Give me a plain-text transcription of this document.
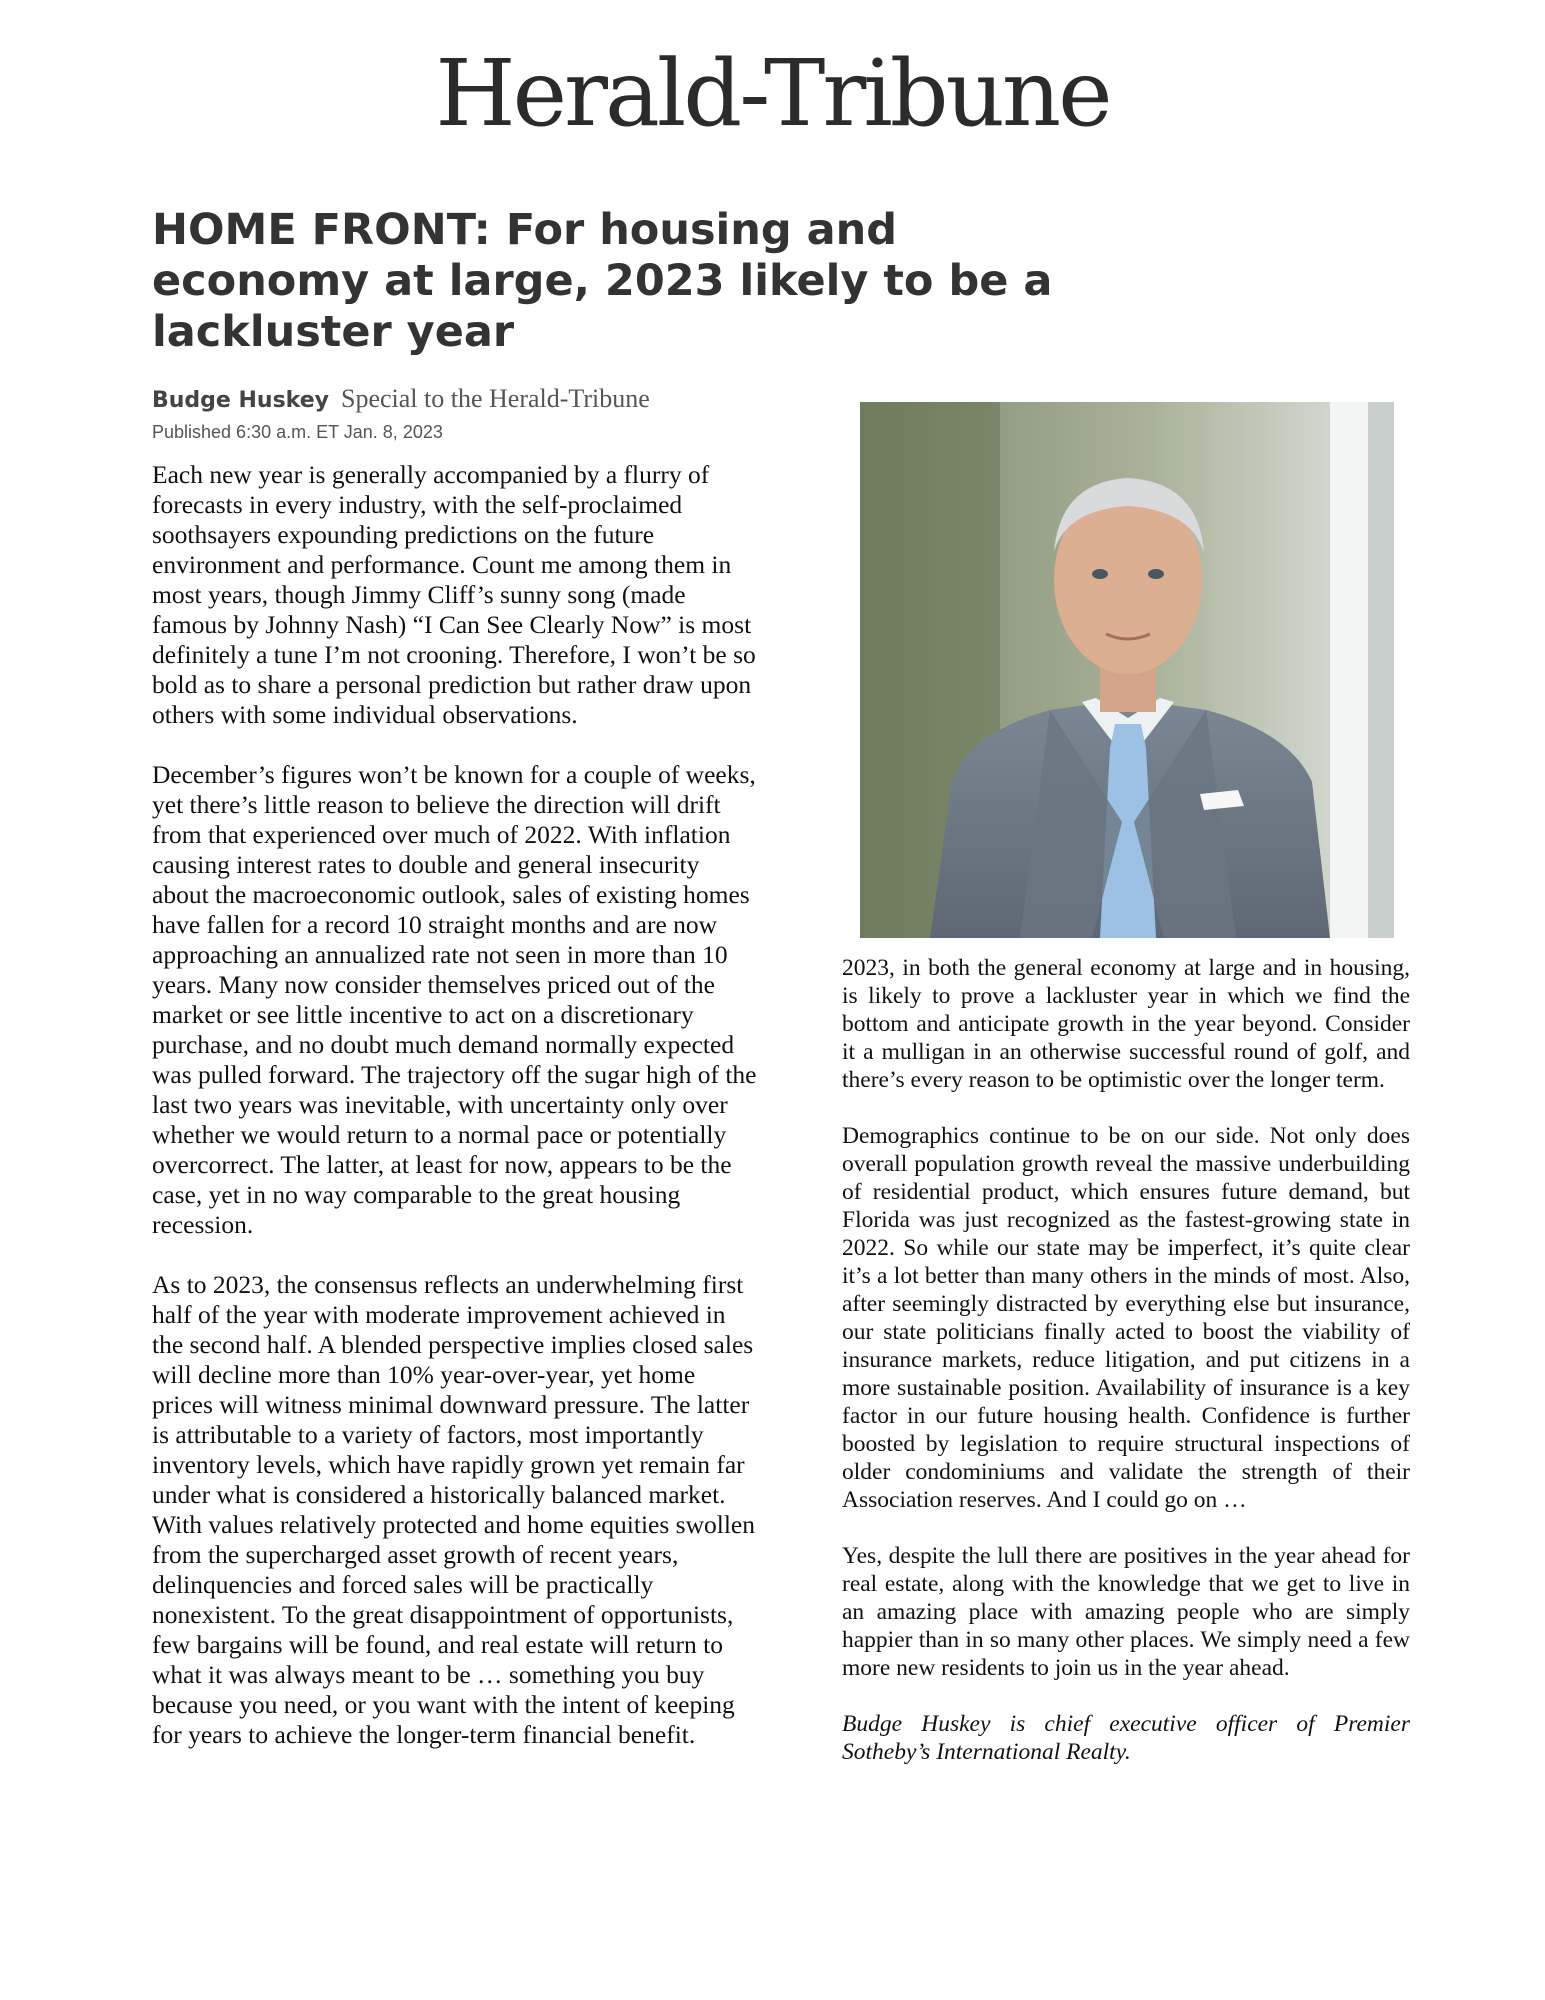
Herald-Tribune
HOME FRONT: For housing and economy at large, 2023 likely to be a lackluster year
Budge Huskey Special to the Herald-Tribune
Published 6:30 a.m. ET Jan. 8, 2023

Each new year is generally accompanied by a flurry of forecasts in every industry, with the self-proclaimed soothsayers expounding predictions on the future environment and performance. Count me among them in most years, though Jimmy Cliff’s sunny song (made famous by Johnny Nash) “I Can See Clearly Now” is most definitely a tune I’m not crooning. Therefore, I won’t be so bold as to share a personal prediction but rather draw upon others with some individual observations.

December’s figures won’t be known for a couple of weeks, yet there’s little reason to believe the direction will drift from that experienced over much of 2022. With inflation causing interest rates to double and general insecurity about the macroeconomic outlook, sales of existing homes have fallen for a record 10 straight months and are now approaching an annualized rate not seen in more than 10 years. Many now consider themselves priced out of the market or see little incentive to act on a discretionary purchase, and no doubt much demand normally expected was pulled forward. The trajectory off the sugar high of the last two years was inevitable, with uncertainty only over whether we would return to a normal pace or potentially overcorrect. The latter, at least for now, appears to be the case, yet in no way comparable to the great housing recession.

As to 2023, the consensus reflects an underwhelming first half of the year with moderate improvement achieved in the second half. A blended perspective implies closed sales will decline more than 10% year-over-year, yet home prices will witness minimal downward pressure. The latter is attributable to a variety of factors, most importantly inventory levels, which have rapidly grown yet remain far under what is considered a historically balanced market. With values relatively protected and home equities swollen from the supercharged asset growth of recent years, delinquencies and forced sales will be practically nonexistent. To the great disappointment of opportunists, few bargains will be found, and real estate will return to what it was always meant to be … something you buy because you need, or you want with the intent of keeping for years to achieve the longer-term financial benefit.

2023, in both the general economy at large and in housing, is likely to prove a lackluster year in which we find the bottom and anticipate growth in the year beyond. Consider it a mulligan in an otherwise successful round of golf, and there’s every reason to be optimistic over the longer term.

Demographics continue to be on our side. Not only does overall population growth reveal the massive underbuilding of residential product, which ensures future demand, but Florida was just recognized as the fastest-growing state in 2022. So while our state may be imperfect, it’s quite clear it’s a lot better than many others in the minds of most. Also, after seemingly distracted by everything else but insurance, our state politicians finally acted to boost the viability of insurance markets, reduce litigation, and put citizens in a more sustainable position. Availability of insurance is a key factor in our future housing health. Confidence is further boosted by legislation to require structural inspections of older condominiums and validate the strength of their Association reserves. And I could go on …

Yes, despite the lull there are positives in the year ahead for real estate, along with the knowledge that we get to live in an amazing place with amazing people who are simply happier than in so many other places. We simply need a few more new residents to join us in the year ahead.

Budge Huskey is chief executive officer of Premier Sotheby’s International Realty.
